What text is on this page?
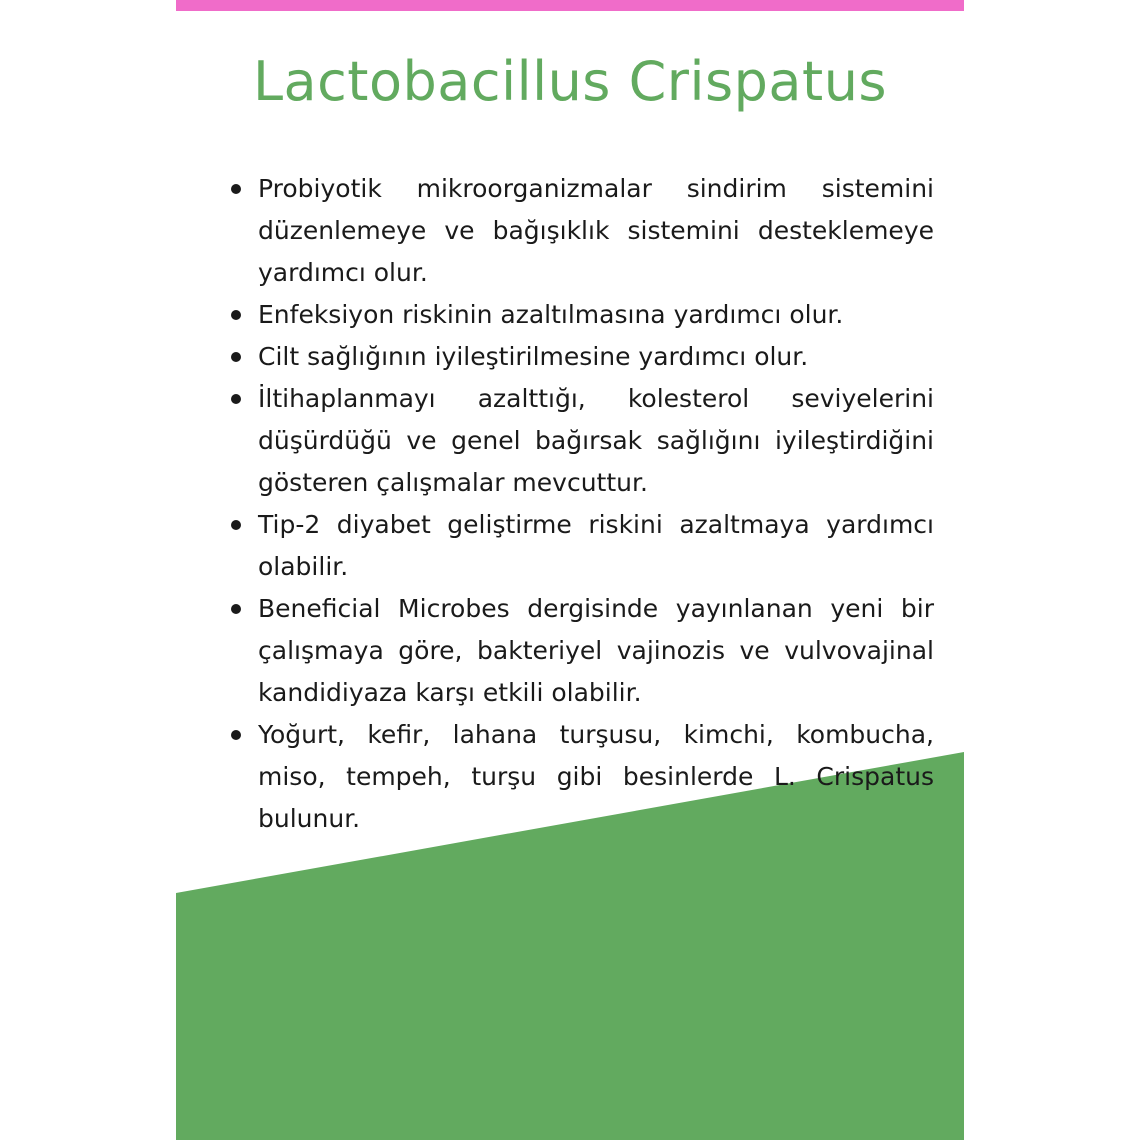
Lactobacillus Crispatus
Probiyotik mikroorganizmalar sindirim sistemini düzenlemeye ve bağışıklık sistemini desteklemeye yardımcı olur.
Enfeksiyon riskinin azaltılmasına yardımcı olur.
Cilt sağlığının iyileştirilmesine yardımcı olur.
İltihaplanmayı azalttığı, kolesterol seviyelerini düşürdüğü ve genel bağırsak sağlığını iyileştirdiğini gösteren çalışmalar mevcuttur.
Tip-2 diyabet geliştirme riskini azaltmaya yardımcı olabilir.
Beneficial Microbes dergisinde yayınlanan yeni bir çalışmaya göre, bakteriyel vajinozis ve vulvovajinal kandidiyaza karşı etkili olabilir.
Yoğurt, kefir, lahana turşusu, kimchi, kombucha, miso, tempeh, turşu gibi besinlerde L. Crispatus bulunur.
